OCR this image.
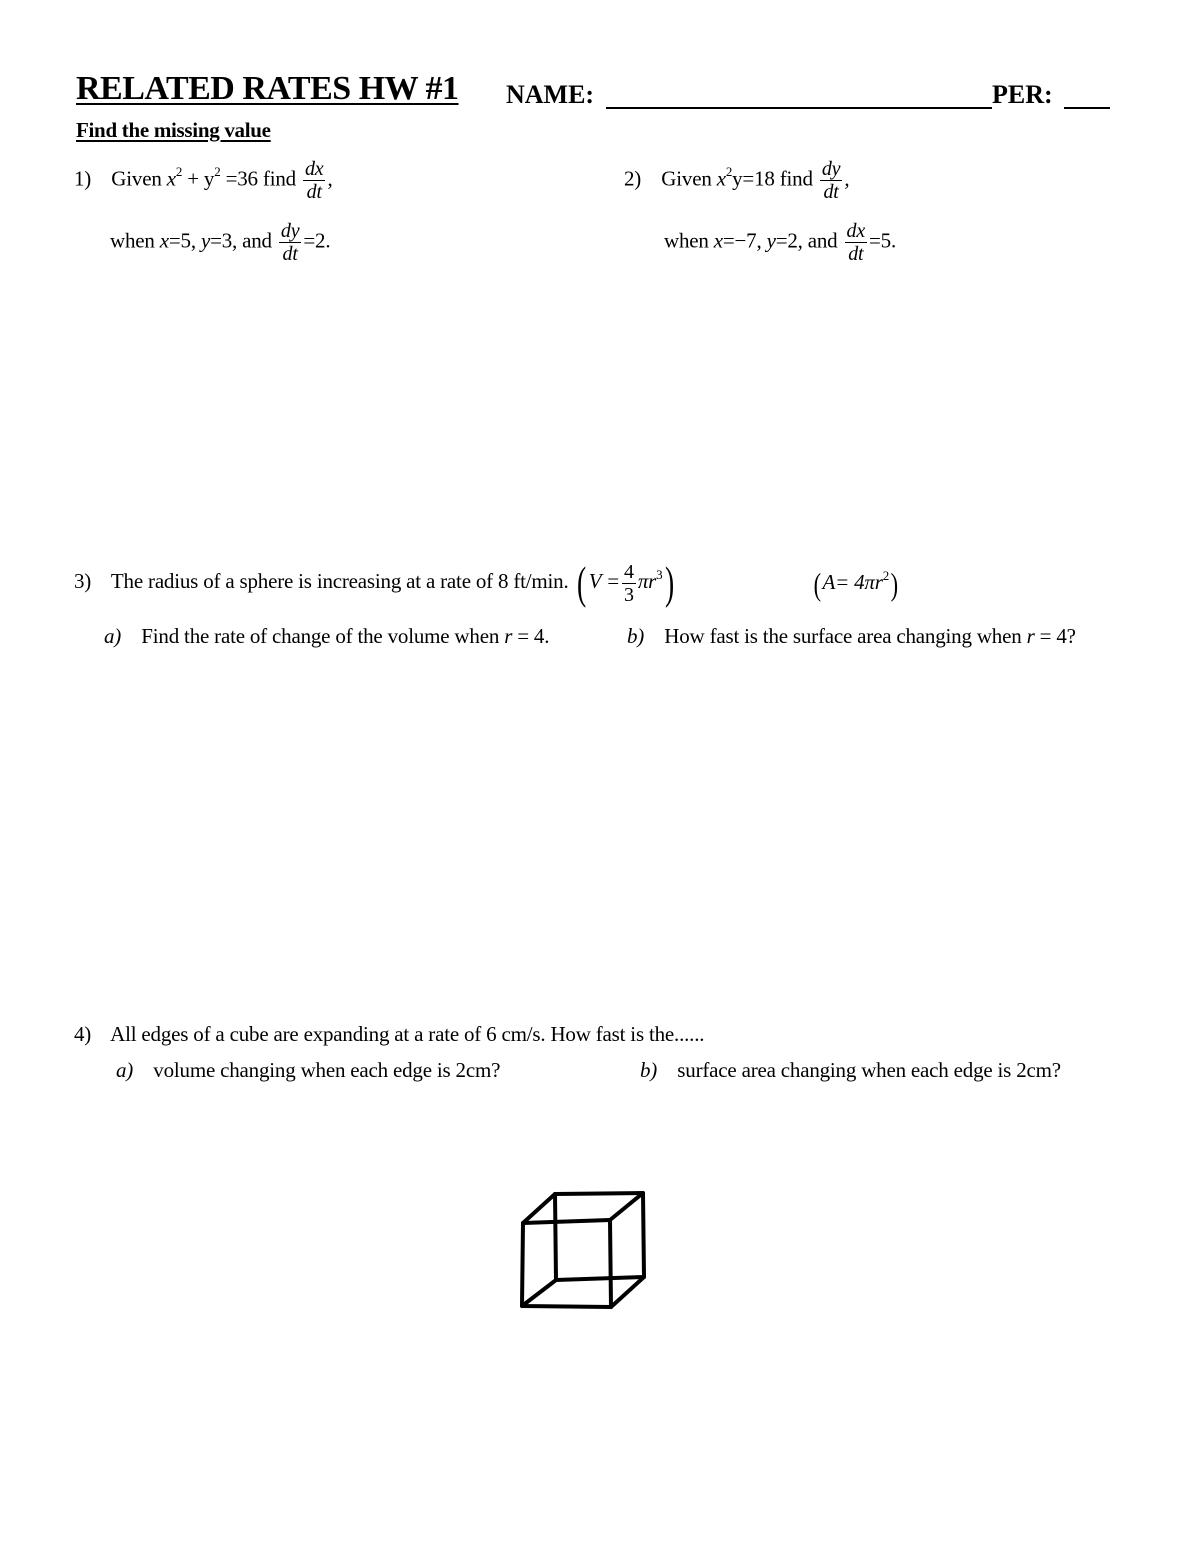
RELATED RATES HW #1 NAME:	PER:
Find the missing value
1) Given $x^2 + y^2 =36$ find $\frac{dx}{dt}$ ,
when x=5, y=3, and $\frac{dy}{dt} =2$.
2) Given $x^2y=18$ find $\frac{dy}{dt}$ ,
when x=−7, y=2, and $\frac{dx}{dt} =5$.
3) The radius of a sphere is increasing at a rate of 8 ft/min. ( $V = \frac{4}{3} \pi r^3$)	$(A= 4\pi r^2)$
a) Find the rate of change of the volume when r = 4.	b) How fast is the surface area changing when r = 4?
4) All edges of a cube are expanding at a rate of 6 cm/s. How fast is the......
a) volume changing when each edge is 2cm?	b) surface area changing when each edge is 2cm?
